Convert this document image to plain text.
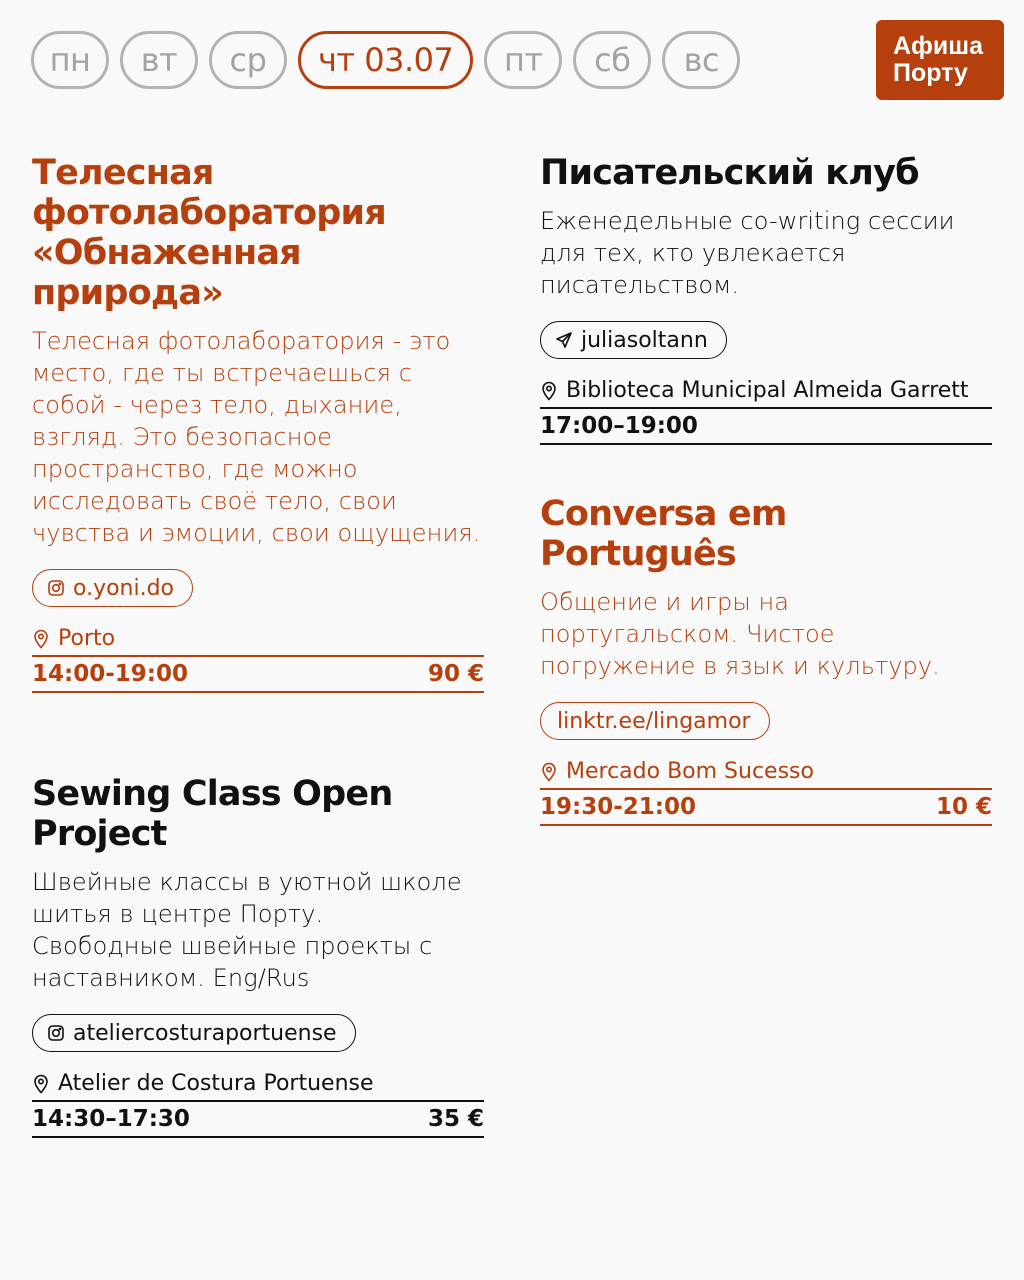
пн	вт	ср	чт 03.07	пт	сб	вс	Афиша
Порту
Телесная фотолаборатория «Обнаженная природа»
Телесная фотолаборатория - это место, где ты встречаешься с собой - через тело, дыхание, взгляд. Это безопасное пространство, где можно исследовать своё тело, свои чувства и эмоции, свои ощущения.
o.yoni.do
Porto
14:00-19:00	90 €
Sewing Class Open Project
Швейные классы в уютной школе шитья в центре Порту. Свободные швейные проекты с наставником. Eng/Rus
ateliercosturaportuense
Atelier de Costura Portuense
14:30–17:30	35 €
Писательский клуб
Еженедельные co-writing сессии для тех, кто увлекается писательством.
juliasoltann
Biblioteca Municipal Almeida Garrett
17:00–19:00
Conversa em Português
Общение и игры на португальском. Чистое погружение в язык и культуру.
linktr.ee/lingamor
Mercado Bom Sucesso
19:30-21:00	10 €
